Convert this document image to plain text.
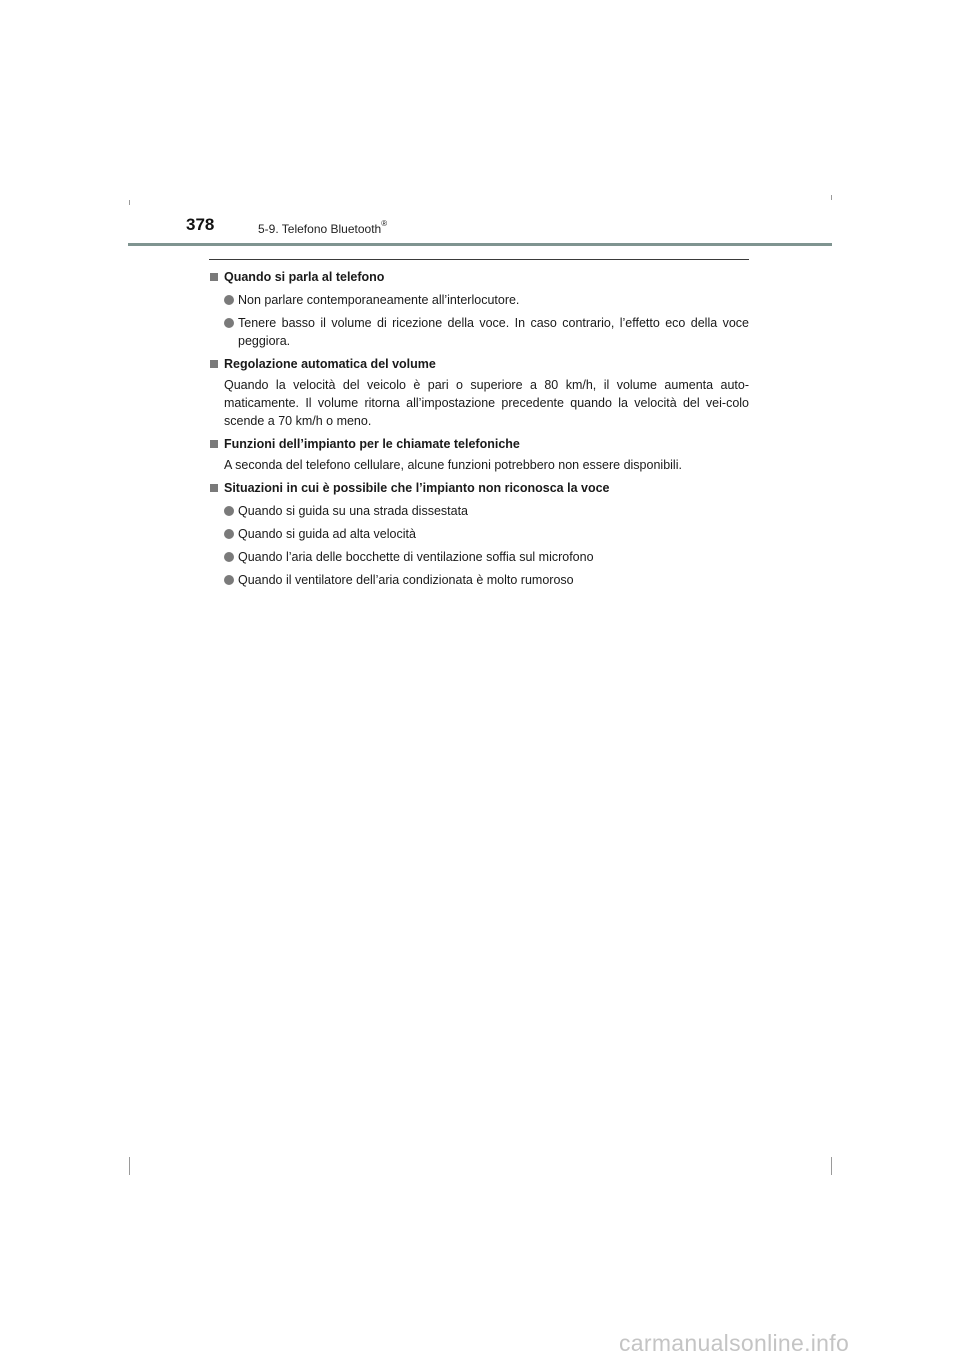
378	5-9. Telefono Bluetooth®
Quando si parla al telefono
Non parlare contemporaneamente all’interlocutore.
Tenere basso il volume di ricezione della voce. In caso contrario, l’effetto eco della voce peggiora.
Regolazione automatica del volume
Quando la velocità del veicolo è pari o superiore a 80 km/h, il volume aumenta auto-maticamente. Il volume ritorna all’impostazione precedente quando la velocità del vei-colo scende a 70 km/h o meno.
Funzioni dell’impianto per le chiamate telefoniche
A seconda del telefono cellulare, alcune funzioni potrebbero non essere disponibili.
Situazioni in cui è possibile che l’impianto non riconosca la voce
Quando si guida su una strada dissestata
Quando si guida ad alta velocità
Quando l’aria delle bocchette di ventilazione soffia sul microfono
Quando il ventilatore dell’aria condizionata è molto rumoroso
carmanualsonline.info
